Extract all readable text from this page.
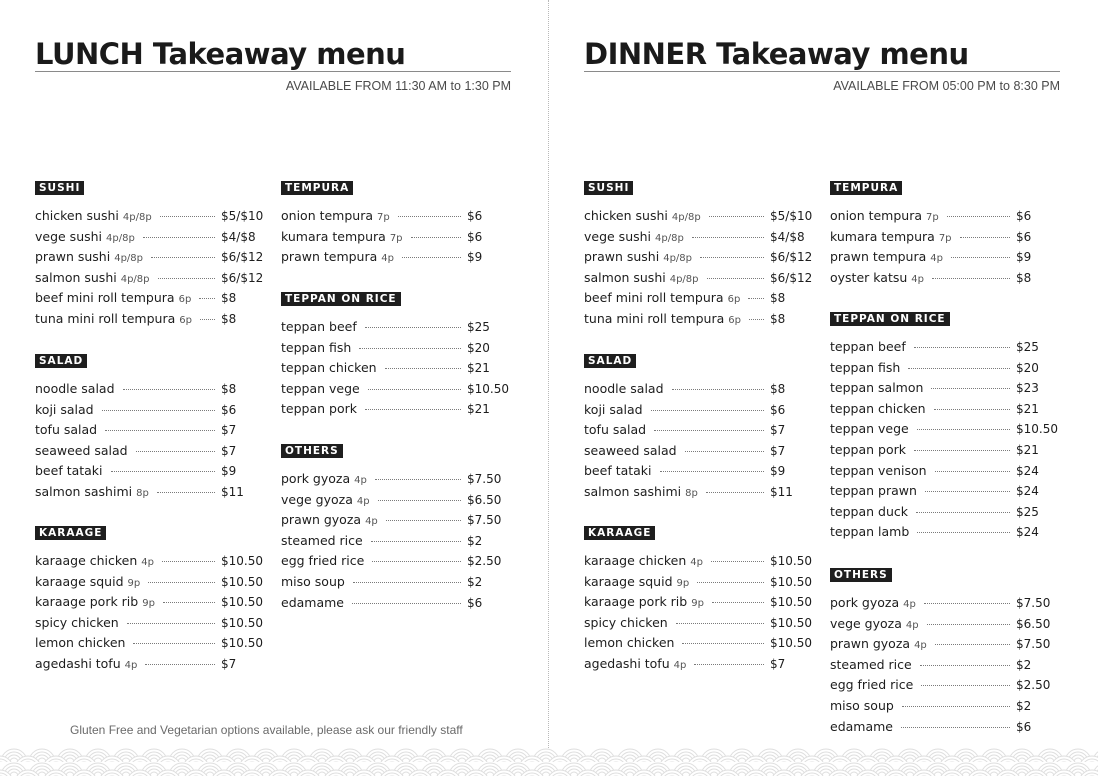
LUNCH Takeaway menu
AVAILABLE FROM 11:30 AM to 1:30 PM
SUSHI
chicken sushi 4p/8p	$5/$10
vege sushi 4p/8p	$4/$8
prawn sushi 4p/8p	$6/$12
salmon sushi 4p/8p	$6/$12
beef mini roll tempura 6p $8
tuna mini roll tempura 6p $8
SALAD
noodle salad	$8
koji salad	$6
tofu salad	$7
seaweed salad	$7
beef tataki	$9
salmon sashimi 8p	$11
KARAAGE
karaage chicken 4p	$10.50
karaage squid 9p	$10.50
karaage pork rib 9p	$10.50
spicy chicken	$10.50
lemon chicken	$10.50
agedashi tofu 4p	$7
TEMPURA
onion tempura 7p	$6
kumara tempura 7p	$6
prawn tempura 4p	$9
TEPPAN ON RICE
teppan beef	$25
teppan fish	$20
teppan chicken	$21
teppan vege	$10.50
teppan pork	$21
OTHERS
pork gyoza 4p	$7.50
vege gyoza 4p	$6.50
prawn gyoza 4p	$7.50
steamed rice	$2
egg fried rice	$2.50
miso soup	$2
edamame	$6
Gluten Free and Vegetarian options available, please ask our friendly staff
DINNER Takeaway menu
AVAILABLE FROM 05:00 PM to 8:30 PM
SUSHI
chicken sushi 4p/8p	$5/$10
vege sushi 4p/8p	$4/$8
prawn sushi 4p/8p	$6/$12
salmon sushi 4p/8p	$6/$12
beef mini roll tempura 6p $8
tuna mini roll tempura 6p $8
SALAD
noodle salad	$8
koji salad	$6
tofu salad	$7
seaweed salad	$7
beef tataki	$9
salmon sashimi 8p	$11
KARAAGE
karaage chicken 4p	$10.50
karaage squid 9p	$10.50
karaage pork rib 9p	$10.50
spicy chicken	$10.50
lemon chicken	$10.50
agedashi tofu 4p	$7
TEMPURA
onion tempura 7p	$6
kumara tempura 7p	$6
prawn tempura 4p	$9
oyster katsu 4p	$8
TEPPAN ON RICE
teppan beef	$25
teppan fish	$20
teppan salmon	$23
teppan chicken	$21
teppan vege	$10.50
teppan pork	$21
teppan venison	$24
teppan prawn	$24
teppan duck	$25
teppan lamb	$24
OTHERS
pork gyoza 4p	$7.50
vege gyoza 4p	$6.50
prawn gyoza 4p	$7.50
steamed rice	$2
egg fried rice	$2.50
miso soup	$2
edamame	$6
